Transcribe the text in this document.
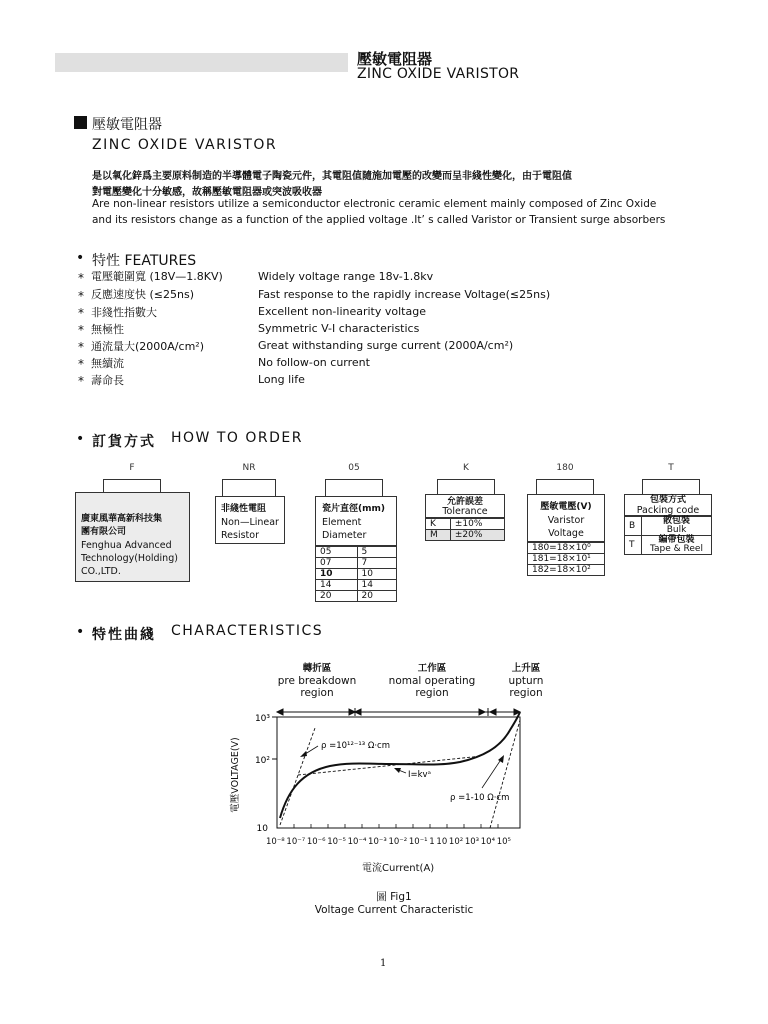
壓敏電阻器
ZINC OXIDE VARISTOR
壓敏電阻器
ZINC OXIDE VARISTOR
是以氧化鋅爲主要原料制造的半導體電子陶瓷元件，其電阻值隨施加電壓的改變而呈非綫性變化，由于電阻值
對電壓變化十分敏感，故稱壓敏電阻器或突波吸收器
Are non-linear resistors utilize a semiconductor electronic ceramic element mainly composed of Zinc Oxide
and its resistors change as a function of the applied voltage .It’ s called Varistor or Transient surge absorbers
• 特性 FEATURES
* 電壓範圍寬 (18V—1.8KV)	Widely voltage range 18v-1.8kv
* 反應速度快 (≤25ns)	Fast response to the rapidly increase Voltage(≤25ns)
* 非綫性指數大	Excellent non-linearity voltage
* 無極性	Symmetric V-I characteristics
* 通流量大(2000A/cm²)	Great withstanding surge current (2000A/cm²)
* 無續流	No follow-on current
* 壽命長	Long life
• 訂貨方式 HOW TO ORDER
F	NR	05	K	180	T
廣東風華高新科技集
團有限公司
Fenghua Advanced
Technology(Holding)
CO.,LTD.
非綫性電阻
Non—Linear
Resistor
瓷片直徑(mm)
Element
Diameter
05	5
07	7
10	10
14	14
20	20
允許誤差
Tolerance
K	±10%
M	±20%
壓敏電壓(V)
Varistor
Voltage
180=18×10⁰
181=18×10¹
182=18×10²
包裝方式
Packing code
B	散包裝
Bulk

T	編帶包裝
Tape & Reel
• 特性曲綫 CHARACTERISTICS
轉折區
pre breakdown
region
工作區
nomal operating
region
上升區
upturn
region
10³
10²
10
ρ =10¹²⁻¹³ Ω·cm
I=kvᵃ
ρ =1-10 Ω·cm
電壓VOLTAGE(V)
10⁻⁸ 10⁻⁷ 10⁻⁶ 10⁻⁵ 10⁻⁴ 10⁻³ 10⁻² 10⁻¹ 1 10 10² 10³ 10⁴ 10⁵
電流Current(A)
圖 Fig1
Voltage Current Characteristic
1
